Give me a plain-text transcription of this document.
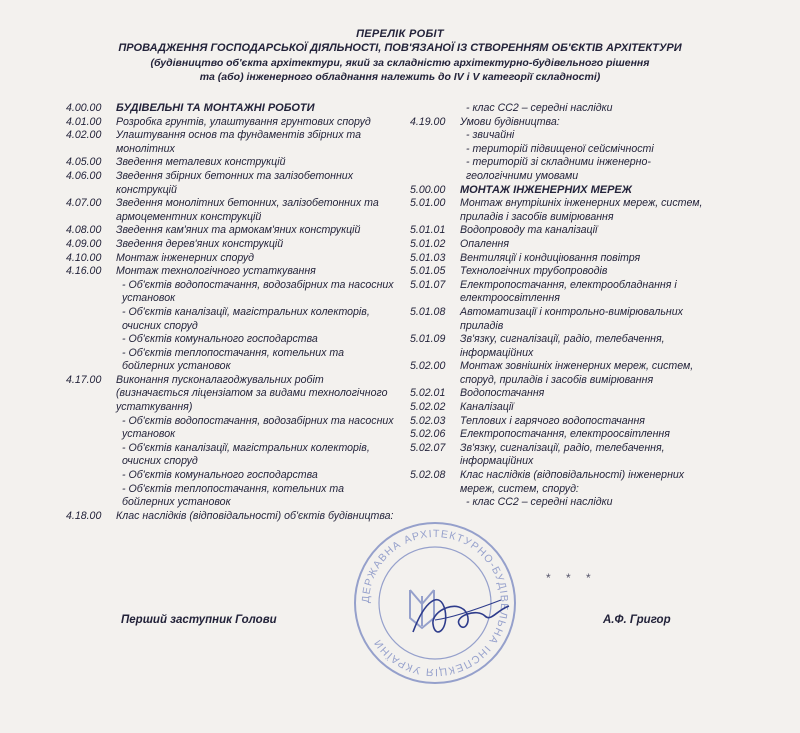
ПЕРЕЛІК РОБІТ
ПРОВАДЖЕННЯ ГОСПОДАРСЬКОЇ ДІЯЛЬНОСТІ, ПОВ'ЯЗАНОЇ ІЗ СТВОРЕННЯМ ОБ'ЄКТІВ АРХІТЕКТУРИ
(будівництво об'єкта архітектури, який за складністю архітектурно-будівельного рішення
та (або) інженерного обладнання належить до IV і V категорії складності)
4.00.00	БУДІВЕЛЬНІ ТА МОНТАЖНІ РОБОТИ
4.01.00	Розробка грунтів, улаштування грунтових споруд
4.02.00	Улаштування основ та фундаментів збірних та монолітних
4.05.00	Зведення металевих конструкцій
4.06.00	Зведення збірних бетонних та залізобетонних конструкцій
4.07.00	Зведення монолітних бетонних, залізобетонних та армоцементних конструкцій
4.08.00	Зведення кам'яних та армокам'яних конструкцій
4.09.00	Зведення дерев'яних конструкцій
4.10.00	Монтаж інженерних споруд
4.16.00	Монтаж технологічного устаткування
- Об'єктів водопостачання, водозабірних та насосних установок
- Об'єктів каналізації, магістральних колекторів, очисних споруд
- Об'єктів комунального господарства
- Об'єктів теплопостачання, котельних та бойлерних установок
4.17.00	Виконання пусконалагоджувальних робіт (визначається ліцензіатом за видами технологічного устаткування)
- Об'єктів водопостачання, водозабірних та насосних установок
- Об'єктів каналізації, магістральних колекторів, очисних споруд
- Об'єктів комунального господарства
- Об'єктів теплопостачання, котельних та бойлерних установок
4.18.00	Клас наслідків (відповідальності) об'єктів будівництва:
- клас СС2 – середні наслідки
4.19.00	Умови будівництва:
- звичайні
- територій підвищеної сейсмічності
- територій зі складними інженерно-геологічними умовами
5.00.00	МОНТАЖ ІНЖЕНЕРНИХ МЕРЕЖ
5.01.00	Монтаж внутрішніх інженерних мереж, систем, приладів і засобів вимірювання
5.01.01	Водопроводу та каналізації
5.01.02	Опалення
5.01.03	Вентиляції і кондиціювання повітря
5.01.05	Технологічних трубопроводів
5.01.07	Електропостачання, електрообладнання і електроосвітлення
5.01.08	Автоматизації і контрольно-вимірювальних приладів
5.01.09	Зв'язку, сигналізації, радіо, телебачення, інформаційних
5.02.00	Монтаж зовнішніх інженерних мереж, систем, споруд, приладів і засобів вимірювання
5.02.01	Водопостачання
5.02.02	Каналізації
5.02.03	Теплових і гарячого водопостачання
5.02.06	Електропостачання, електроосвітлення
5.02.07	Зв'язку, сигналізації, радіо, телебачення, інформаційних
5.02.08	Клас наслідків (відповідальності) інженерних мереж, систем, споруд:
- клас СС2 – середні наслідки
* * *
Перший заступник Голови	А.Ф. Григор
ДЕРЖАВНА АРХІТЕКТУРНО-БУДІВЕЛЬНА ІНСПЕКЦІЯ УКРАЇНИ
